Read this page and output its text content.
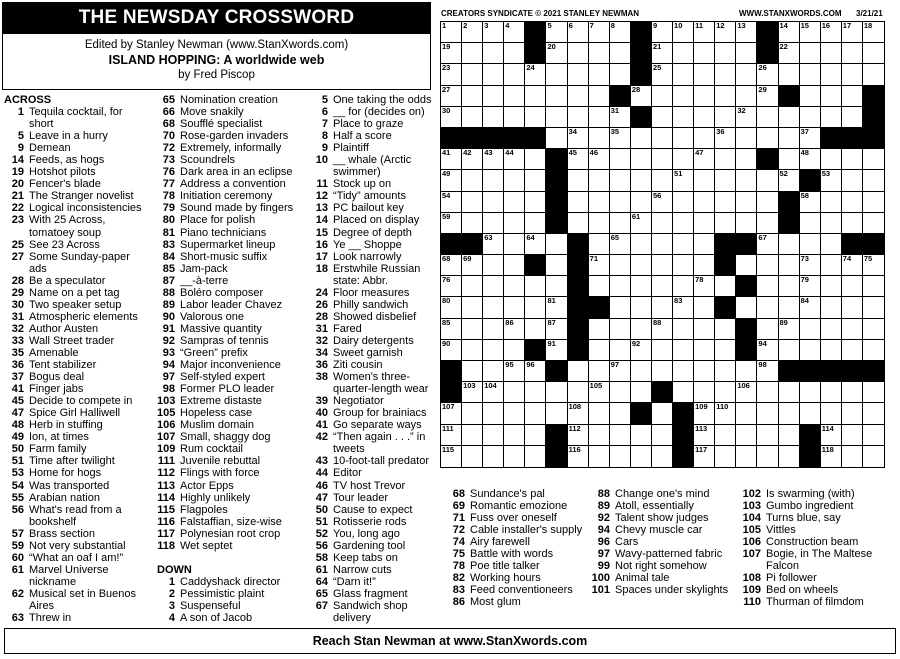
THE NEWSDAY CROSSWORD
Edited by Stanley Newman (www.StanXwords.com)
ISLAND HOPPING: A worldwide web
by Fred Piscop
CREATORS SYNDICATE © 2021 STANLEY NEWMAN	WWW.STANXWORDS.COM 3/21/21
ACROSS
1 Tequila cocktail, for short
5 Leave in a hurry
9 Demean
14 Feeds, as hogs
19 Hotshot pilots
20 Fencer's blade
21 The Stranger novelist
22 Logical inconsistencies
23 With 25 Across, tomatoey soup
25 See 23 Across
27 Some Sunday-paper ads
28 Be a speculator
29 Name on a pet tag
30 Two speaker setup
31 Atmospheric elements
32 Author Austen
33 Wall Street trader
35 Amenable
36 Tent stabilizer
37 Bogus deal
41 Finger jabs
45 Decide to compete in
47 Spice Girl Halliwell
48 Herb in stuffing
49 Ion, at times
50 Farm family
51 Time after twilight
53 Home for hogs
54 Was transported
55 Arabian nation
56 What's read from a bookshelf
57 Brass section
59 Not very substantial
60 “What an oaf I am!”
61 Marvel Universe nickname
62 Musical set in Buenos Aires
63 Threw in
65 Nomination creation
66 Move snakily
68 Soufflé specialist
70 Rose-garden invaders
72 Extremely, informally
73 Scoundrels
76 Dark area in an eclipse
77 Address a convention
78 Initiation ceremony
79 Sound made by fingers
80 Place for polish
81 Piano technicians
83 Supermarket lineup
84 Short-music suffix
85 Jam-pack
87 __-à-terre
88 Boléro composer
89 Labor leader Chavez
90 Valorous one
91 Massive quantity
92 Sampras of tennis
93 “Green” prefix
94 Major inconvenience
97 Self-styled expert
98 Former PLO leader
103 Extreme distaste
105 Hopeless case
106 Muslim domain
107 Small, shaggy dog
109 Rum cocktail
111 Juvenile rebuttal
112 Flings with force
113 Actor Epps
114 Highly unlikely
115 Flagpoles
116 Falstaffian, size-wise
117 Polynesian root crop
118 Wet septet
DOWN
1 Caddyshack director
2 Pessimistic plaint
3 Suspenseful
4 A son of Jacob
5 One taking the odds
6 __ for (decides on)
7 Place to graze
8 Half a score
9 Plaintiff
10 __ whale (Arctic swimmer)
11 Stock up on
12 “Tidy” amounts
13 PC bailout key
14 Placed on display
15 Degree of depth
16 Ye __ Shoppe
17 Look narrowly
18 Erstwhile Russian state: Abbr.
24 Floor measures
26 Philly sandwich
28 Showed disbelief
31 Fared
32 Dairy detergents
34 Sweet garnish
36 Ziti cousin
38 Women's three-quarter-length wear
39 Negotiator
40 Group for brainiacs
41 Go separate ways
42 “Then again . . .” in tweets
43 10-foot-tall predator
44 Editor
46 TV host Trevor
47 Tour leader
50 Cause to expect
51 Rotisserie rods
52 You, long ago
56 Gardening tool
58 Keep tabs on
61 Narrow cuts
64 “Darn it!”
65 Glass fragment
67 Sandwich shop delivery
1 2 3 4	5 6 7 8	9 10 11 12 13	14 15 16 17 18
19	20	21	22
23	24	25	26
27	28	29
30	31	32
34	35	36	37
41 42 43 44	45 46	47	48
49	51	52	53
54	56	58
59	61
63	64	65	67
68 69	71	73	74 75
76	78	79
80	81	83	84
85	86	87	88	89
90	91	92	94
95 96	97	98
103 104	105	106
107	108	109 110
111	112	113	114
115	116	117	118
68 Sundance's pal
69 Romantic emozione
71 Fuss over oneself
72 Cable installer's supply
74 Airy farewell
75 Battle with words
78 Poe title talker
82 Working hours
83 Feed conventioneers
86 Most glum
88 Change one's mind
89 Atoll, essentially
92 Talent show judges
94 Chevy muscle car
96 Cars
97 Wavy-patterned fabric
99 Not right somehow
100 Animal tale
101 Spaces under skylights
102 Is swarming (with)
103 Gumbo ingredient
104 Turns blue, say
105 Vittles
106 Construction beam
107 Bogie, in The Maltese Falcon
108 Pi follower
109 Bed on wheels
110 Thurman of filmdom
Reach Stan Newman at www.StanXwords.com
